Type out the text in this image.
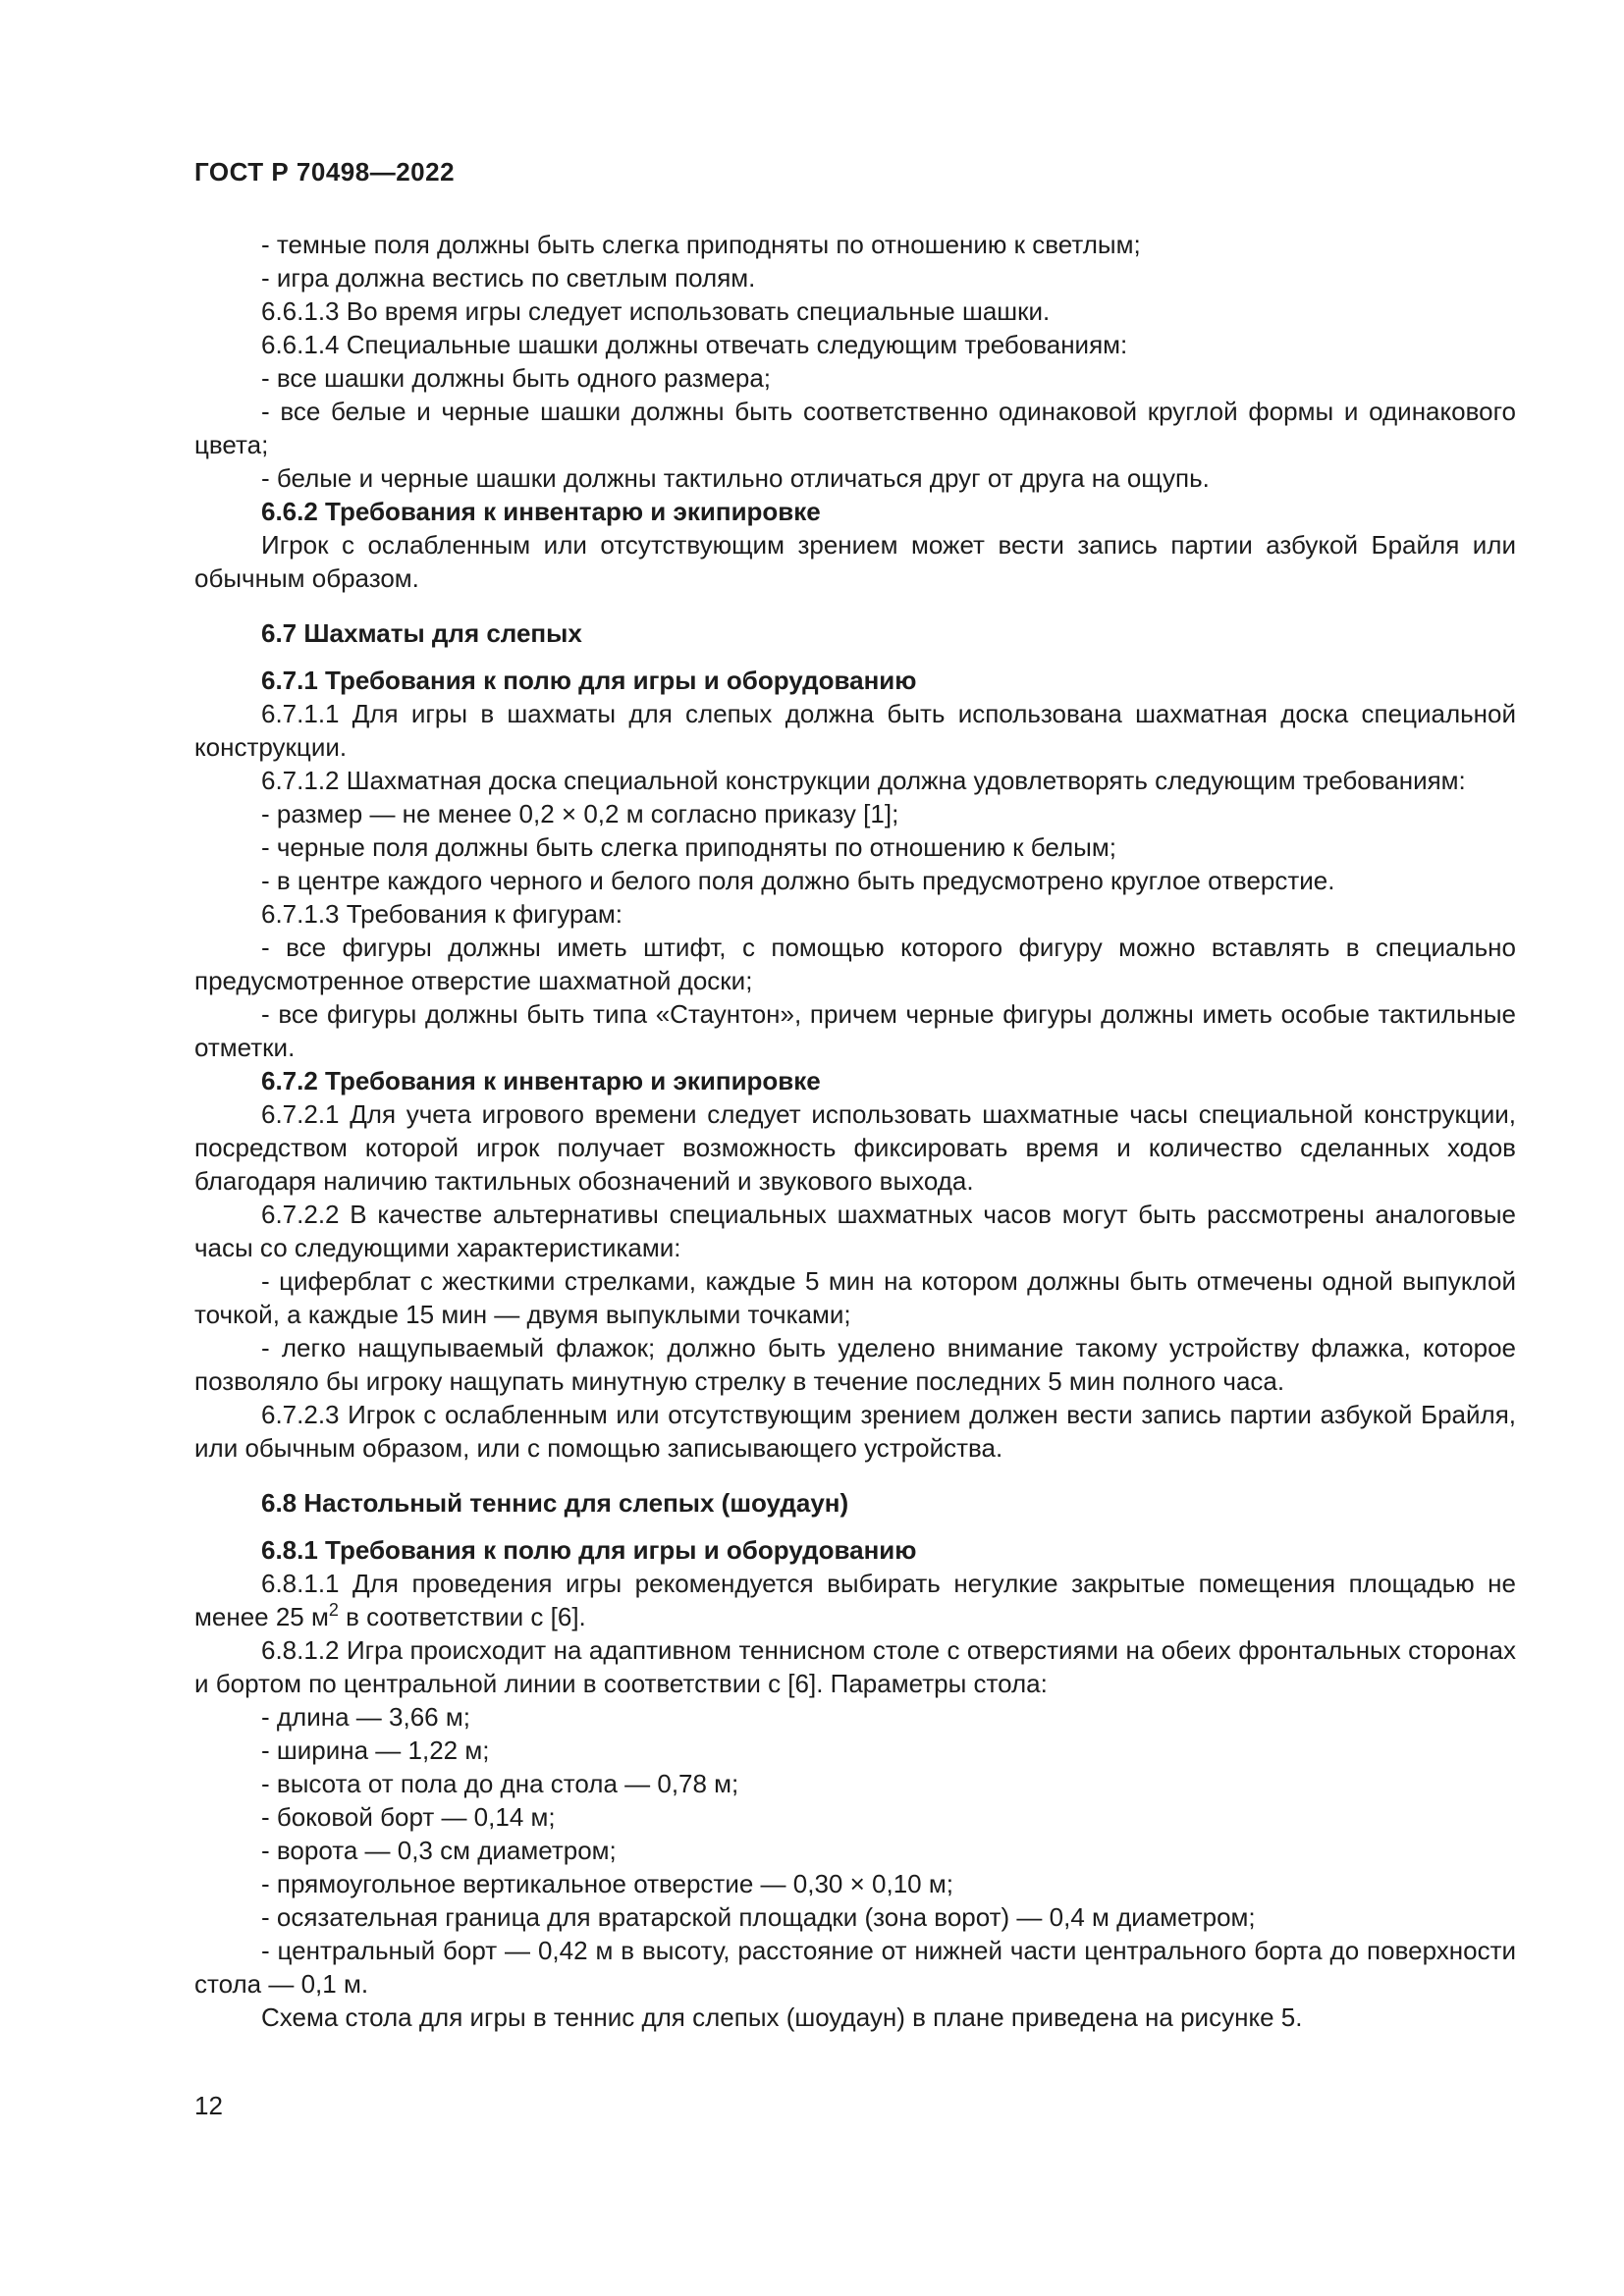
ГОСТ Р 70498—2022

- темные поля должны быть слегка приподняты по отношению к светлым;

- игра должна вестись по светлым полям.

6.6.1.3 Во время игры следует использовать специальные шашки.

6.6.1.4 Специальные шашки должны отвечать следующим требованиям:

- все шашки должны быть одного размера;

- все белые и черные шашки должны быть соответственно одинаковой круглой формы и одинакового цвета;

- белые и черные шашки должны тактильно отличаться друг от друга на ощупь.

6.6.2 Требования к инвентарю и экипировке

Игрок с ослабленным или отсутствующим зрением может вести запись партии азбукой Брайля или обычным образом.

6.7 Шахматы для слепых

6.7.1 Требования к полю для игры и оборудованию

6.7.1.1 Для игры в шахматы для слепых должна быть использована шахматная доска специальной конструкции.

6.7.1.2 Шахматная доска специальной конструкции должна удовлетворять следующим требованиям:

- размер — не менее 0,2 × 0,2 м согласно приказу [1];

- черные поля должны быть слегка приподняты по отношению к белым;

- в центре каждого черного и белого поля должно быть предусмотрено круглое отверстие.

6.7.1.3 Требования к фигурам:

- все фигуры должны иметь штифт, с помощью которого фигуру можно вставлять в специально предусмотренное отверстие шахматной доски;

- все фигуры должны быть типа «Стаунтон», причем черные фигуры должны иметь особые тактильные отметки.

6.7.2 Требования к инвентарю и экипировке

6.7.2.1 Для учета игрового времени следует использовать шахматные часы специальной конструкции, посредством которой игрок получает возможность фиксировать время и количество сделанных ходов благодаря наличию тактильных обозначений и звукового выхода.

6.7.2.2 В качестве альтернативы специальных шахматных часов могут быть рассмотрены аналоговые часы со следующими характеристиками:

- циферблат с жесткими стрелками, каждые 5 мин на котором должны быть отмечены одной выпуклой точкой, а каждые 15 мин — двумя выпуклыми точками;

- легко нащупываемый флажок; должно быть уделено внимание такому устройству флажка, которое позволяло бы игроку нащупать минутную стрелку в течение последних 5 мин полного часа.

6.7.2.3 Игрок с ослабленным или отсутствующим зрением должен вести запись партии азбукой Брайля, или обычным образом, или с помощью записывающего устройства.

6.8 Настольный теннис для слепых (шоудаун)

6.8.1 Требования к полю для игры и оборудованию

6.8.1.1 Для проведения игры рекомендуется выбирать негулкие закрытые помещения площадью не менее 25 $м^2$ в соответствии с [6].

6.8.1.2 Игра происходит на адаптивном теннисном столе с отверстиями на обеих фронтальных сторонах и бортом по центральной линии в соответствии с [6]. Параметры стола:

- длина — 3,66 м;

- ширина — 1,22 м;

- высота от пола до дна стола — 0,78 м;

- боковой борт — 0,14 м;

- ворота — 0,3 см диаметром;

- прямоугольное вертикальное отверстие — 0,30 × 0,10 м;

- осязательная граница для вратарской площадки (зона ворот) — 0,4 м диаметром;

- центральный борт — 0,42 м в высоту, расстояние от нижней части центрального борта до поверхности стола — 0,1 м.

Схема стола для игры в теннис для слепых (шоудаун) в плане приведена на рисунке 5.

12
